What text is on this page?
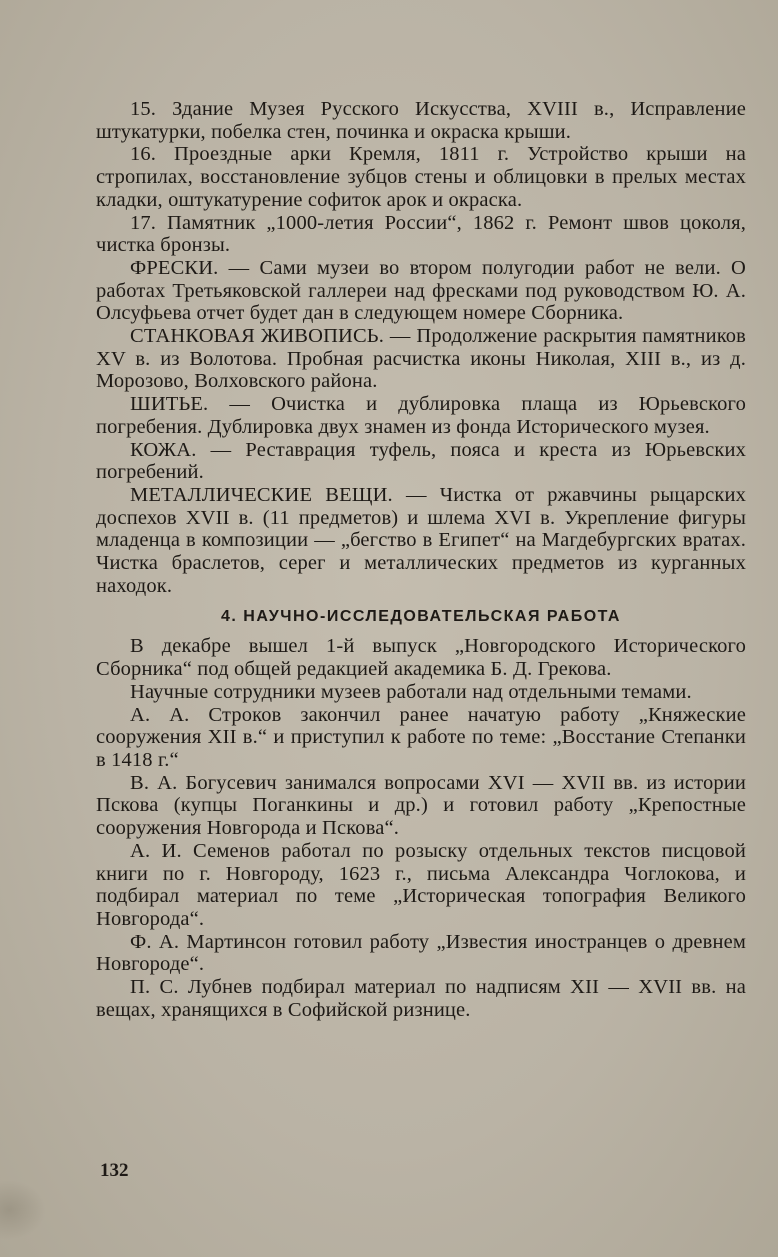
15. Здание Музея Русского Искусства, XVIII в., Исправление штукатурки, побелка стен, починка и окраска крыши.

16. Проездные арки Кремля, 1811 г. Устройство крыши на стропилах, восстановление зубцов стены и облицовки в прелых местах кладки, оштукатурение софиток арок и окраска.

17. Памятник „1000-летия России“, 1862 г. Ремонт швов цоколя, чистка бронзы.

ФРЕСКИ. — Сами музеи во втором полугодии работ не вели. О работах Третьяковской галлереи над фресками под руководством Ю. А. Олсуфьева отчет будет дан в следующем номере Сборника.

СТАНКОВАЯ ЖИВОПИСЬ. — Продолжение раскрытия памятников XV в. из Волотова. Пробная расчистка иконы Николая, XIII в., из д. Морозово, Волховского района.

ШИТЬЕ. — Очистка и дублировка плаща из Юрьевского погребения. Дублировка двух знамен из фонда Исторического музея.

КОЖА. — Реставрация туфель, пояса и креста из Юрьевских погребений.

МЕТАЛЛИЧЕСКИЕ ВЕЩИ. — Чистка от ржавчины рыцарских доспехов XVII в. (11 предметов) и шлема XVI в. Укрепление фигуры младенца в композиции — „бегство в Египет“ на Магдебургских вратах. Чистка браслетов, серег и металлических предметов из курганных находок.

4. НАУЧНО-ИССЛЕДОВАТЕЛЬСКАЯ РАБОТА

В декабре вышел 1-й выпуск „Новгородского Исторического Сборника“ под общей редакцией академика Б. Д. Грекова.

Научные сотрудники музеев работали над отдельными темами.

А. А. Строков закончил ранее начатую работу „Княжеские сооружения XII в.“ и приступил к работе по теме: „Восстание Степанки в 1418 г.“

В. А. Богусевич занимался вопросами XVI — XVII вв. из истории Пскова (купцы Поганкины и др.) и готовил работу „Крепостные сооружения Новгорода и Пскова“.

А. И. Семенов работал по розыску отдельных текстов писцовой книги по г. Новгороду, 1623 г., письма Александра Чоглокова, и подбирал материал по теме „Историческая топография Великого Новгорода“.

Ф. А. Мартинсон готовил работу „Известия иностранцев о древнем Новгороде“.

П. С. Лубнев подбирал материал по надписям XII — XVII вв. на вещах, хранящихся в Софийской ризнице.

132
